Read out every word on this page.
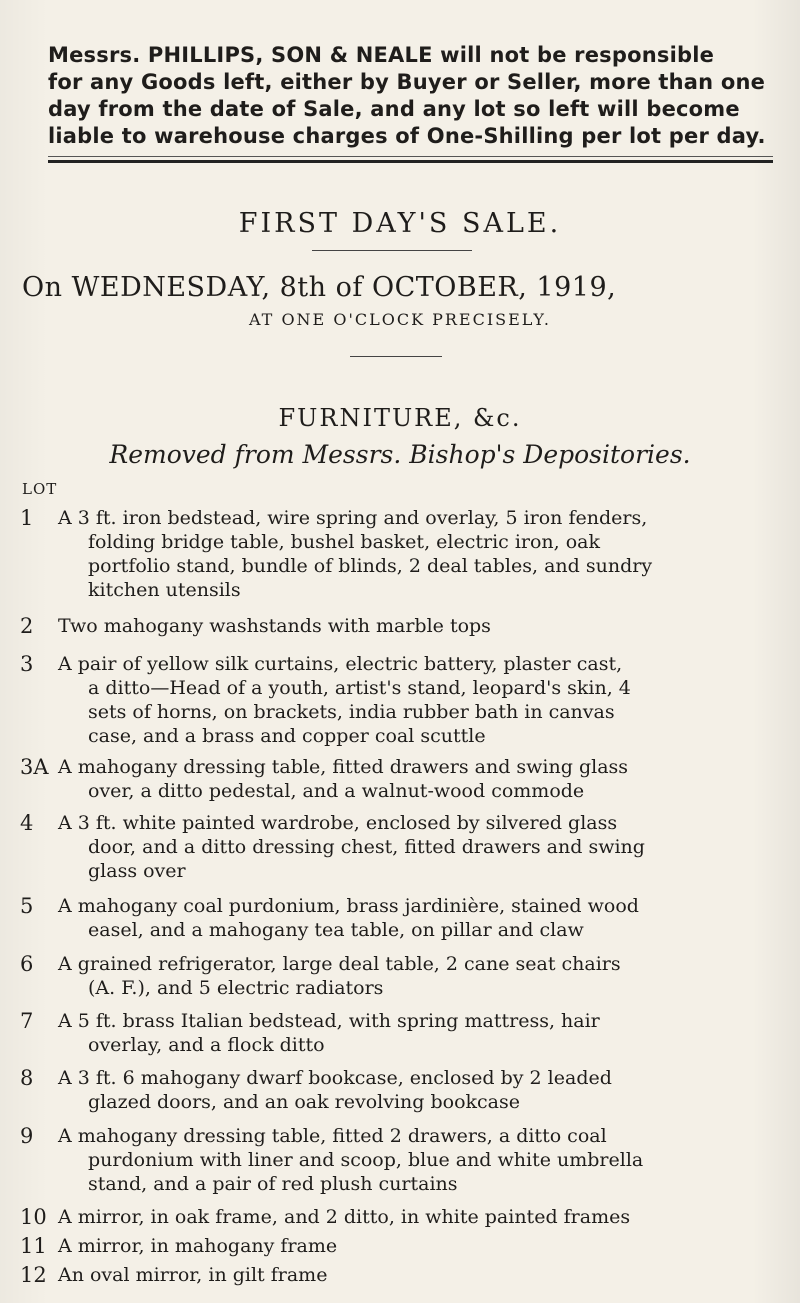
Messrs. PHILLIPS, SON & NEALE will not be responsible
for any Goods left, either by Buyer or Seller, more than one
day from the date of Sale, and any lot so left will become
liable to warehouse charges of One-Shilling per lot per day.
FIRST DAY'S SALE.
On WEDNESDAY, 8th of OCTOBER, 1919,
AT ONE O'CLOCK PRECISELY.
FURNITURE, &c.
Removed from Messrs. Bishop's Depositories.
LOT
1	A 3 ft. iron bedstead, wire spring and overlay, 5 iron fenders,
folding bridge table, bushel basket, electric iron, oak
portfolio stand, bundle of blinds, 2 deal tables, and sundry
kitchen utensils
2	Two mahogany washstands with marble tops
3	A pair of yellow silk curtains, electric battery, plaster cast,
a ditto—Head of a youth, artist's stand, leopard's skin, 4
sets of horns, on brackets, india rubber bath in canvas
case, and a brass and copper coal scuttle
3A A mahogany dressing table, fitted drawers and swing glass
over, a ditto pedestal, and a walnut-wood commode
4	A 3 ft. white painted wardrobe, enclosed by silvered glass
door, and a ditto dressing chest, fitted drawers and swing
glass over
5	A mahogany coal purdonium, brass jardinière, stained wood
easel, and a mahogany tea table, on pillar and claw
6	A grained refrigerator, large deal table, 2 cane seat chairs
(A. F.), and 5 electric radiators
7	A 5 ft. brass Italian bedstead, with spring mattress, hair
overlay, and a flock ditto
8	A 3 ft. 6 mahogany dwarf bookcase, enclosed by 2 leaded
glazed doors, and an oak revolving bookcase
9	A mahogany dressing table, fitted 2 drawers, a ditto coal
purdonium with liner and scoop, blue and white umbrella
stand, and a pair of red plush curtains
10 A mirror, in oak frame, and 2 ditto, in white painted frames
11 A mirror, in mahogany frame
12 An oval mirror, in gilt frame
